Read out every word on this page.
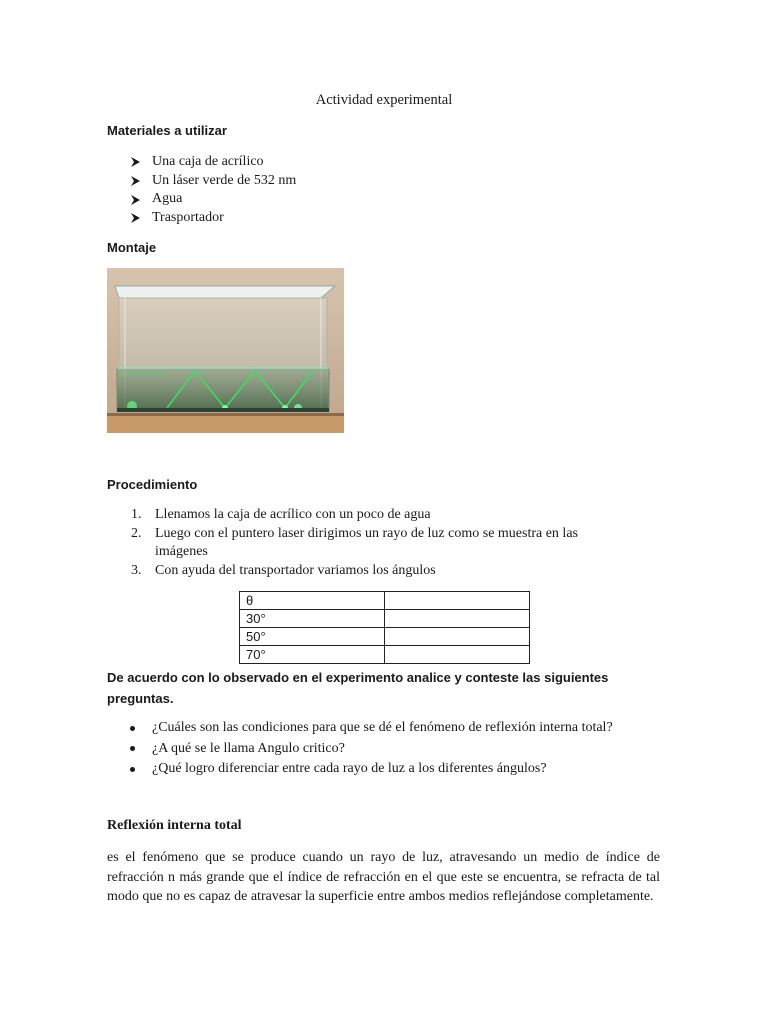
Actividad experimental
Materiales a utilizar
Una caja de acrílico
Un láser verde de 532 nm
Agua
Trasportador
Montaje
Procedimiento
1. Llenamos la caja de acrílico con un poco de agua
2. Luego con el puntero laser dirigimos un rayo de luz como se muestra en las imágenes
3. Con ayuda del transportador variamos los ángulos
θ	
30°	
50°	
70°	
De acuerdo con lo observado en el experimento analice y conteste las siguientes preguntas.
¿Cuáles son las condiciones para que se dé el fenómeno de reflexión interna total?
¿A qué se le llama Angulo critico?
¿Qué logro diferenciar entre cada rayo de luz a los diferentes ángulos?
Reflexión interna total
es el fenómeno que se produce cuando un rayo de luz, atravesando un medio de índice de refracción n más grande que el índice de refracción en el que este se encuentra, se refracta de tal modo que no es capaz de atravesar la superficie entre ambos medios reflejándose completamente.
